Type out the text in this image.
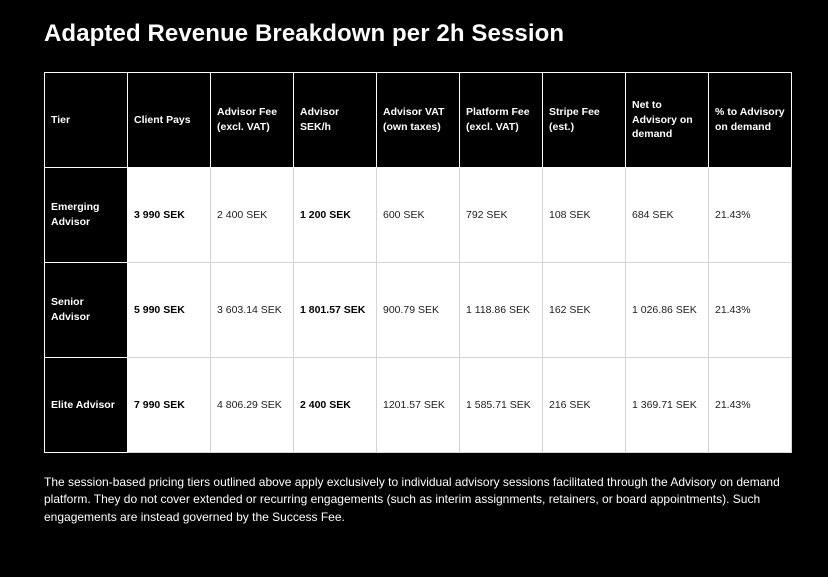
Adapted Revenue Breakdown per 2h Session
Tier	Client Pays	Advisor Fee (excl. VAT)	Advisor SEK/h	Advisor VAT (own taxes)	Platform Fee (excl. VAT)	Stripe Fee (est.)	Net to Advisory on demand	% to Advisory on demand
Emerging Advisor	3 990 SEK	2 400 SEK	1 200 SEK	600 SEK	792 SEK	108 SEK	684 SEK	21.43%
Senior Advisor	5 990 SEK	3 603.14 SEK	1 801.57 SEK	900.79 SEK	1 118.86 SEK	162 SEK	1 026.86 SEK	21.43%
Elite Advisor	7 990 SEK	4 806.29 SEK	2 400 SEK	1201.57 SEK	1 585.71 SEK	216 SEK	1 369.71 SEK	21.43%

The session-based pricing tiers outlined above apply exclusively to individual advisory sessions facilitated through the Advisory on demand platform. They do not cover extended or recurring engagements (such as interim assignments, retainers, or board appointments). Such engagements are instead governed by the Success Fee.
